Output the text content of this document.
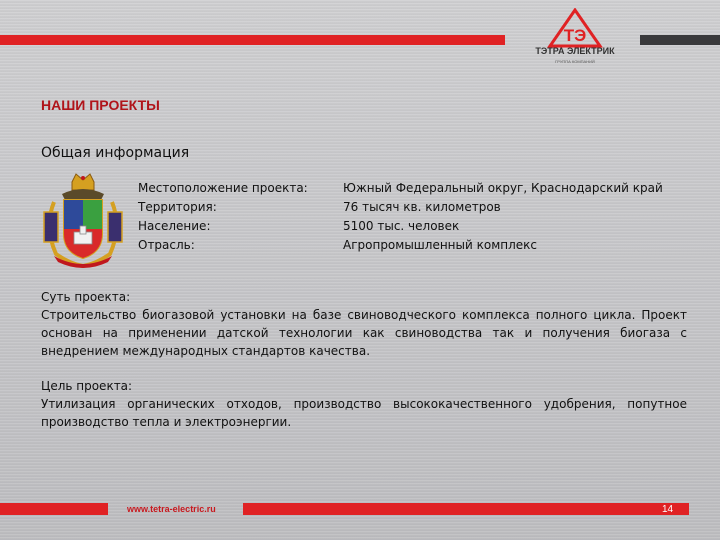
ТЭ
ТЭТРА ЭЛЕКТРИК
ГРУППА КОМПАНИЙ
НАШИ ПРОЕКТЫ
Общая информация
Местоположение проекта:	Южный Федеральный округ, Краснодарский край
Территория:	76 тысяч кв. километров
Население:	5100 тыс. человек
Отрасль:	Агропромышленный комплекс
Суть проекта:
Строительство биогазовой установки на базе свиноводческого комплекса полного цикла. Проект основан на применении датской технологии как свиноводства так и получения биогаза с внедрением международных стандартов качества.
Цель проекта:
Утилизация органических отходов, производство высококачественного удобрения, попутное производство тепла и электроэнергии.
www.tetra-electric.ru	14
